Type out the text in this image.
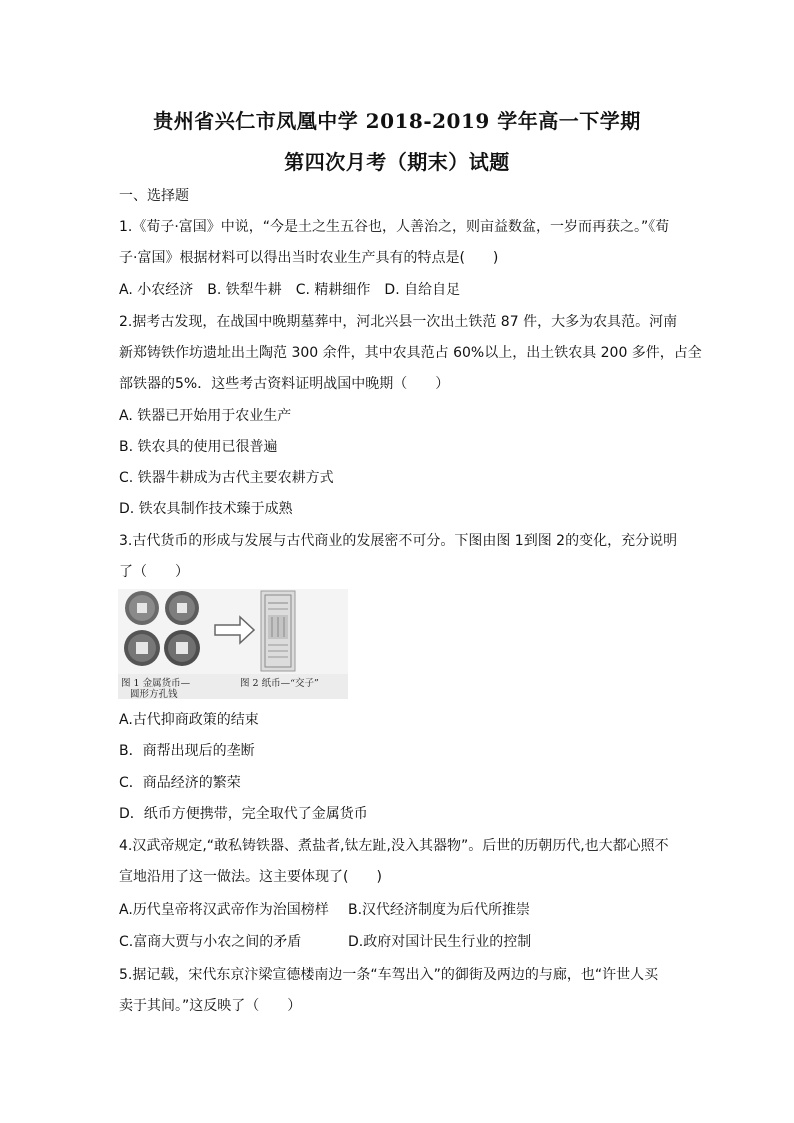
贵州省兴仁市凤凰中学 2018-2019 学年高一下学期
第四次月考（期末）试题
一、选择题
1.《荀子·富国》中说，“今是土之生五谷也，人善治之，则亩益数盆，一岁而再获之。”《荀
子·富国》根据材料可以得出当时农业生产具有的特点是(　　)
A. 小农经济　B. 铁犁牛耕　C. 精耕细作　D. 自给自足
2.据考古发现，在战国中晚期墓葬中，河北兴县一次出土铁范 87 件，大多为农具范。河南
新郑铸铁作坊遗址出土陶范 300 余件，其中农具范占 60%以上，出土铁农具 200 多件，占全
部铁器的5%．这些考古资料证明战国中晚期（　　）
A. 铁器已开始用于农业生产
B. 铁农具的使用已很普遍
C. 铁器牛耕成为古代主要农耕方式
D. 铁农具制作技术臻于成熟
3.古代货币的形成与发展与古代商业的发展密不可分。下图由图 1到图 2的变化，充分说明
了（　　）
图 1 金属货币—
圆形方孔钱
图 2 纸币—“交子”
A.古代抑商政策的结束
B．商帮出现后的垄断
C．商品经济的繁荣
D．纸币方便携带，完全取代了金属货币
4.汉武帝规定,“敢私铸铁器、煮盐者,钛左趾,没入其器物”。后世的历朝历代,也大都心照不
宣地沿用了这一做法。这主要体现了(　　)
A.历代皇帝将汉武帝作为治国榜样 B.汉代经济制度为后代所推崇
C.富商大贾与小农之间的矛盾	D.政府对国计民生行业的控制
5.据记载，宋代东京汴梁宣德楼南边一条“车驾出入”的御街及两边的与廊，也“许世人买
卖于其间。”这反映了（　　）
